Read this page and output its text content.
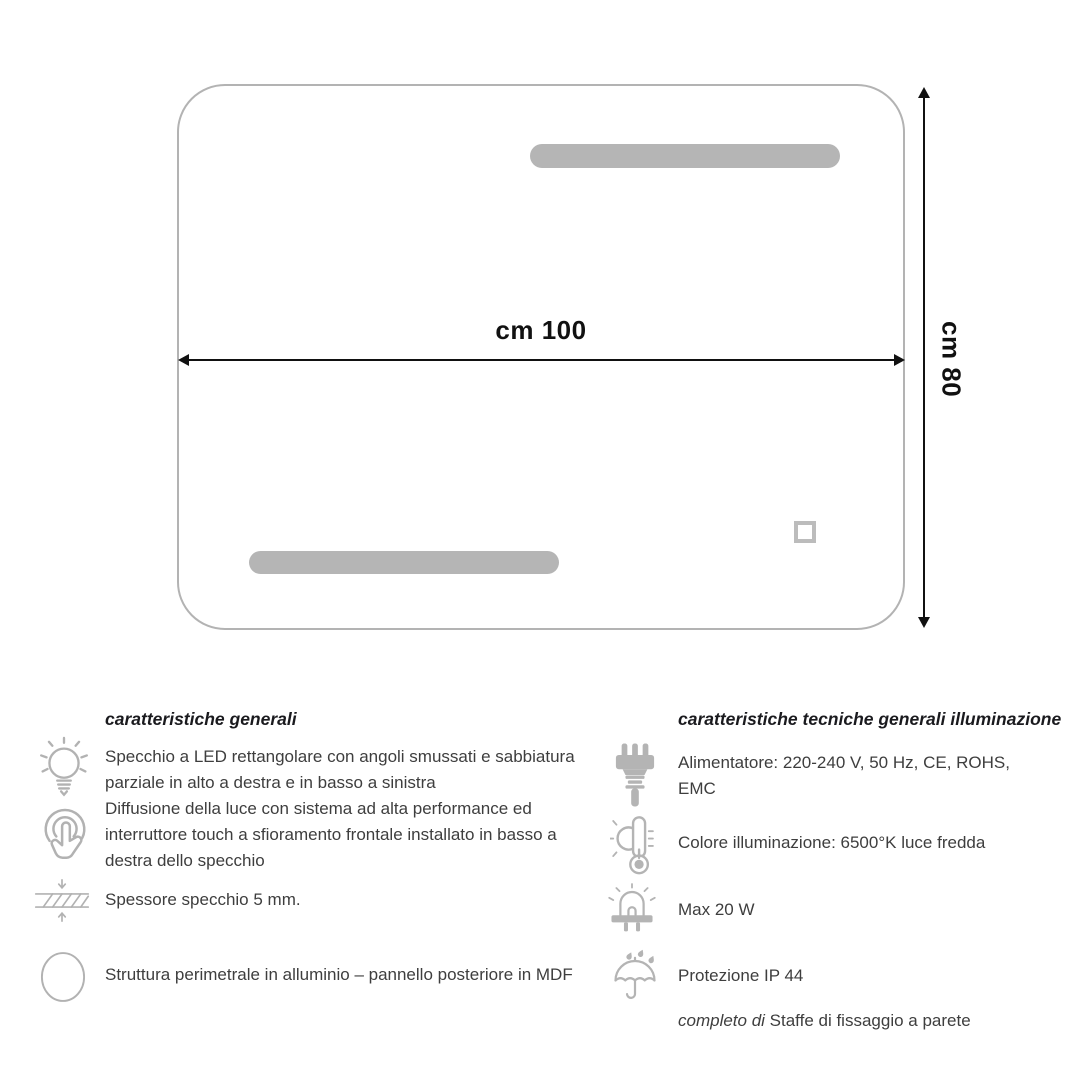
cm 100	cm 80
caratteristiche generali

Specchio a LED rettangolare con angoli smussati e sabbiatura parziale in alto a destra e in basso a sinistra

Diffusione della luce con sistema ad alta performance ed interruttore touch a sfioramento frontale installato in basso a destra dello specchio

Spessore specchio 5 mm.
Struttura perimetrale in alluminio – pannello posteriore in MDF
caratteristiche tecniche generali illuminazione
Alimentatore: 220-240 V, 50 Hz, CE, ROHS, EMC
Colore illuminazione: 6500°K luce fredda
Max 20 W
Protezione IP 44
completo di Staffe di fissaggio a parete
